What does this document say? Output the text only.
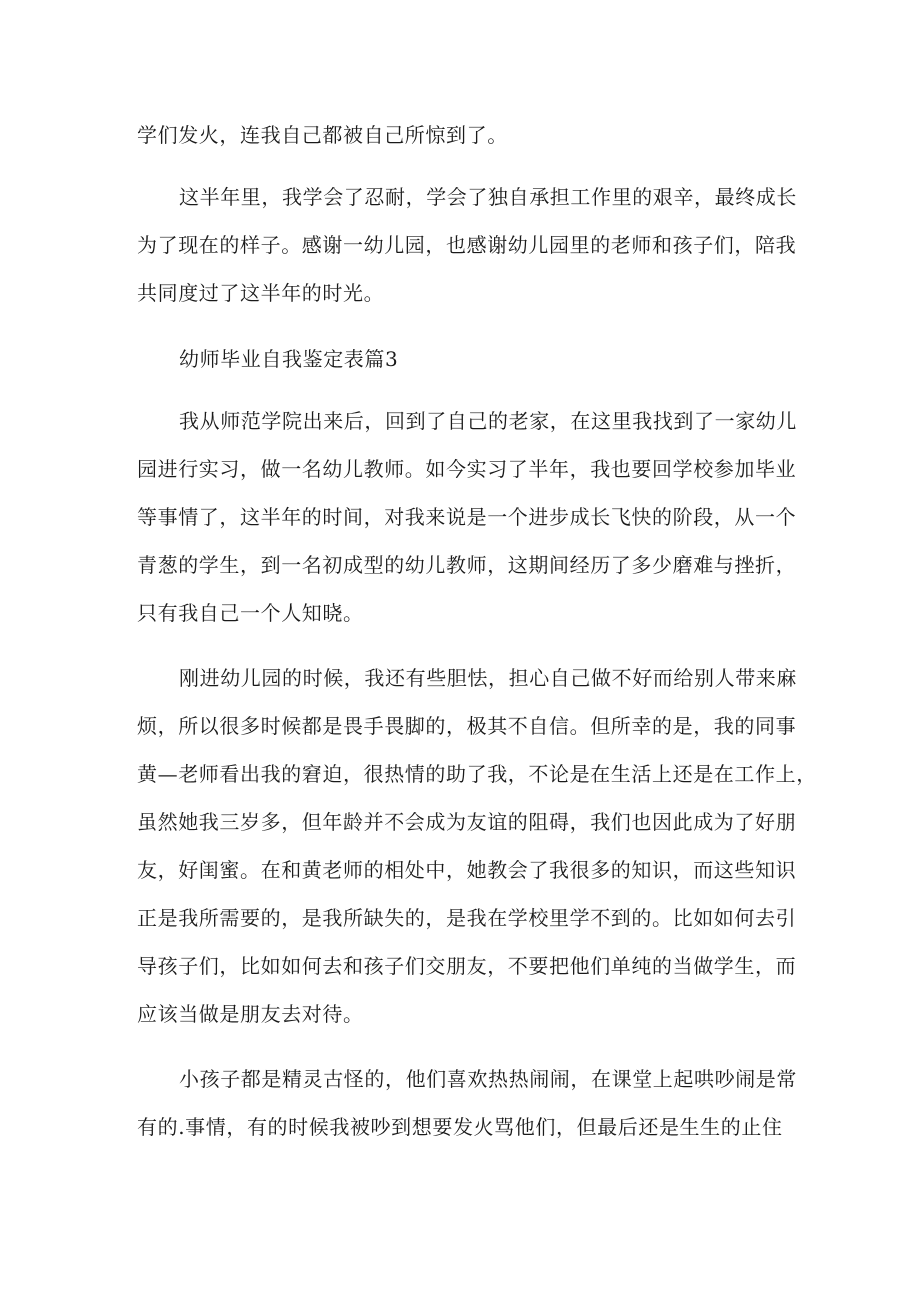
学们发火，连我自己都被自己所惊到了。
这半年里，我学会了忍耐，学会了独自承担工作里的艰辛，最终成长
为了现在的样子。感谢一幼儿园，也感谢幼儿园里的老师和孩子们，陪我
共同度过了这半年的时光。
幼师毕业自我鉴定表篇3
我从师范学院出来后，回到了自己的老家，在这里我找到了一家幼儿
园进行实习，做一名幼儿教师。如今实习了半年，我也要回学校参加毕业
等事情了，这半年的时间，对我来说是一个进步成长飞快的阶段，从一个
青葱的学生，到一名初成型的幼儿教师，这期间经历了多少磨难与挫折，
只有我自己一个人知晓。
刚进幼儿园的时候，我还有些胆怯，担心自己做不好而给别人带来麻
烦，所以很多时候都是畏手畏脚的，极其不自信。但所幸的是，我的同事
黄—老师看出我的窘迫，很热情的助了我，不论是在生活上还是在工作上，
虽然她我三岁多，但年龄并不会成为友谊的阻碍，我们也因此成为了好朋
友，好闺蜜。在和黄老师的相处中，她教会了我很多的知识，而这些知识
正是我所需要的，是我所缺失的，是我在学校里学不到的。比如如何去引
导孩子们，比如如何去和孩子们交朋友，不要把他们单纯的当做学生，而
应该当做是朋友去对待。
小孩子都是精灵古怪的，他们喜欢热热闹闹，在课堂上起哄吵闹是常
有的.事情，有的时候我被吵到想要发火骂他们，但最后还是生生的止住
